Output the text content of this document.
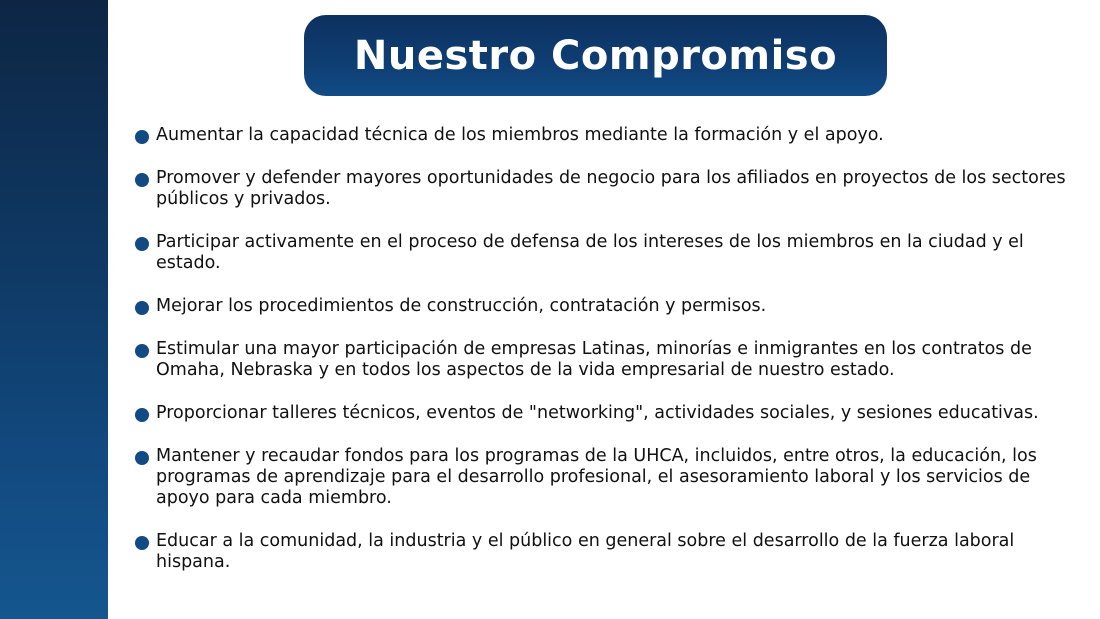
Nuestro Compromiso
Aumentar la capacidad técnica de los miembros mediante la formación y el apoyo.
Promover y defender mayores oportunidades de negocio para los afiliados en proyectos de los sectores públicos y privados.
Participar activamente en el proceso de defensa de los intereses de los miembros en la ciudad y el estado.
Mejorar los procedimientos de construcción, contratación y permisos.
Estimular una mayor participación de empresas Latinas, minorías e inmigrantes en los contratos de Omaha, Nebraska y en todos los aspectos de la vida empresarial de nuestro estado.
Proporcionar talleres técnicos, eventos de "networking", actividades sociales, y sesiones educativas.
Mantener y recaudar fondos para los programas de la UHCA, incluidos, entre otros, la educación, los programas de aprendizaje para el desarrollo profesional, el asesoramiento laboral y los servicios de apoyo para cada miembro.
Educar a la comunidad, la industria y el público en general sobre el desarrollo de la fuerza laboral hispana.
